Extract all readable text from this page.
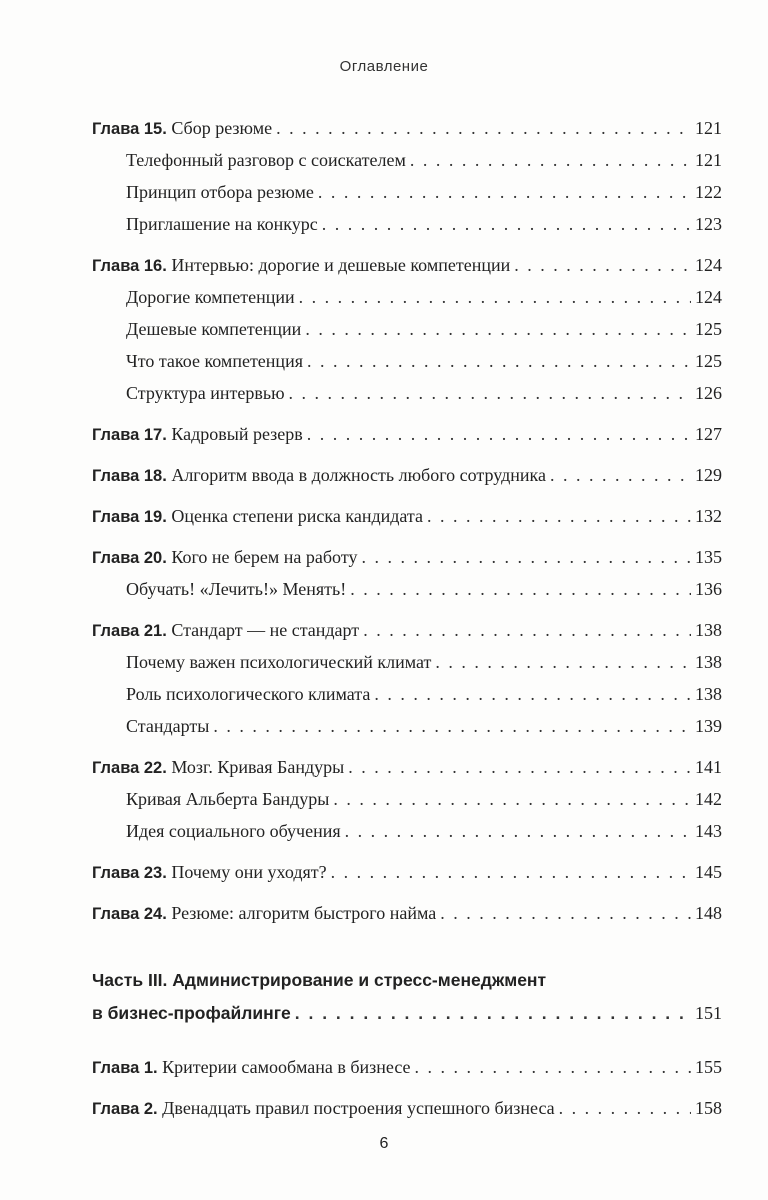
Оглавление
Глава 15. Сбор резюме . . .	121
Телефонный разговор с соискателем . . .	121
Принцип отбора резюме . . .	122
Приглашение на конкурс . . .	123
Глава 16. Интервью: дорогие и дешевые компетенции . . .	124
Дорогие компетенции . . .	124
Дешевые компетенции . . .	125
Что такое компетенция . . .	125
Структура интервью . . .	126
Глава 17. Кадровый резерв . . .	127
Глава 18. Алгоритм ввода в должность любого сотрудника . . .	129
Глава 19. Оценка степени риска кандидата . . .	132
Глава 20. Кого не берем на работу . . .	135
Обучать! «Лечить!» Менять! . . .	136
Глава 21. Стандарт — не стандарт . . .	138
Почему важен психологический климат . . .	138
Роль психологического климата . . .	138
Стандарты . . .	139
Глава 22. Мозг. Кривая Бандуры . . .	141
Кривая Альберта Бандуры . . .	142
Идея социального обучения . . .	143
Глава 23. Почему они уходят? . . .	145
Глава 24. Резюме: алгоритм быстрого найма . . .	148
Часть III. Администрирование и стресс-менеджмент
в бизнес-профайлинге . . .	151
Глава 1. Критерии самообмана в бизнесе . . .	155
Глава 2. Двенадцать правил построения успешного бизнеса . . .	158
6
